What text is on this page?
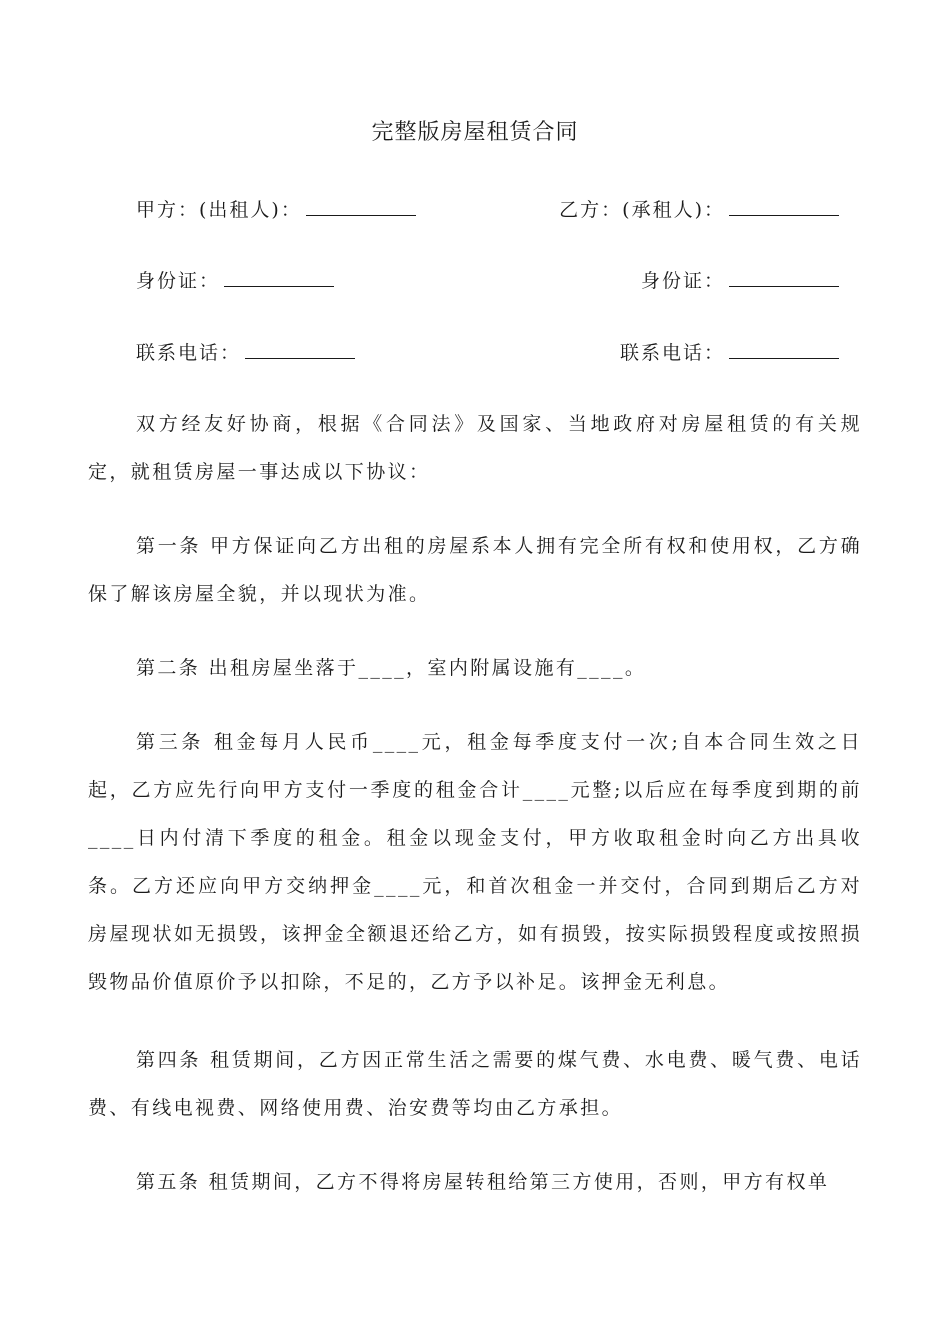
完整版房屋租赁合同
甲方：(出租人)：	乙方：(承租人)：
身份证：	身份证：
联系电话：	联系电话：

双方经友好协商，根据《合同法》及国家、当地政府对房屋租赁的有关规定，就租赁房屋一事达成以下协议：

第一条 甲方保证向乙方出租的房屋系本人拥有完全所有权和使用权，乙方确保了解该房屋全貌，并以现状为准。

第二条 出租房屋坐落于____，室内附属设施有____。

第三条 租金每月人民币____元，租金每季度支付一次;自本合同生效之日起，乙方应先行向甲方支付一季度的租金合计____元整;以后应在每季度到期的前____日内付清下季度的租金。租金以现金支付，甲方收取租金时向乙方出具收条。乙方还应向甲方交纳押金____元，和首次租金一并交付，合同到期后乙方对房屋现状如无损毁，该押金全额退还给乙方，如有损毁，按实际损毁程度或按照损毁物品价值原价予以扣除，不足的，乙方予以补足。该押金无利息。

第四条 租赁期间，乙方因正常生活之需要的煤气费、水电费、暖气费、电话费、有线电视费、网络使用费、治安费等均由乙方承担。

第五条 租赁期间，乙方不得将房屋转租给第三方使用，否则，甲方有权单
